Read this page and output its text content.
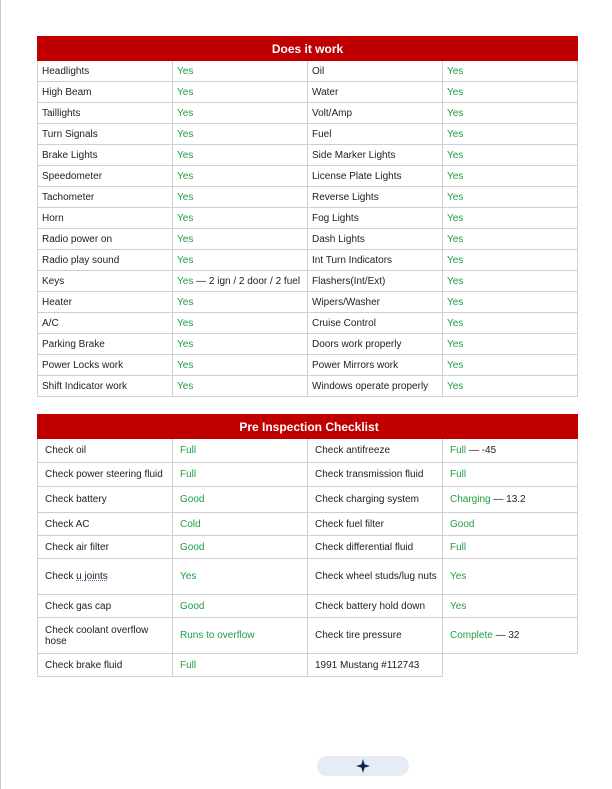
Does it work			
Headlights	Yes	Oil	Yes
High Beam	Yes	Water	Yes
Taillights	Yes	Volt/Amp	Yes
Turn Signals	Yes	Fuel	Yes
Brake Lights	Yes	Side Marker Lights	Yes
Speedometer	Yes	License Plate Lights	Yes
Tachometer	Yes	Reverse Lights	Yes
Horn	Yes	Fog Lights	Yes
Radio power on	Yes	Dash Lights	Yes
Radio play sound	Yes	Int Turn Indicators	Yes
Keys	Yes — 2 ign / 2 door / 2 fuel	Flashers(Int/Ext)	Yes
Heater	Yes	Wipers/Washer	Yes
A/C	Yes	Cruise Control	Yes
Parking Brake	Yes	Doors work properly	Yes
Power Locks work	Yes	Power Mirrors work	Yes
Shift Indicator work	Yes	Windows operate properly	Yes
Pre Inspection Checklist			
Check oil	Full	Check antifreeze	Full — -45
Check power steering fluid	Full	Check transmission fluid	Full
Check battery	Good	Check charging system	Charging — 13.2
Check AC	Cold	Check fuel filter	Good
Check air filter	Good	Check differential fluid	Full
Check u joints	Yes	Check wheel studs/lug nuts	Yes
Check gas cap	Good	Check battery hold down	Yes
Check coolant overflow hose	Runs to overflow	Check tire pressure	Complete — 32
Check brake fluid	Full	1991 Mustang #112743	
